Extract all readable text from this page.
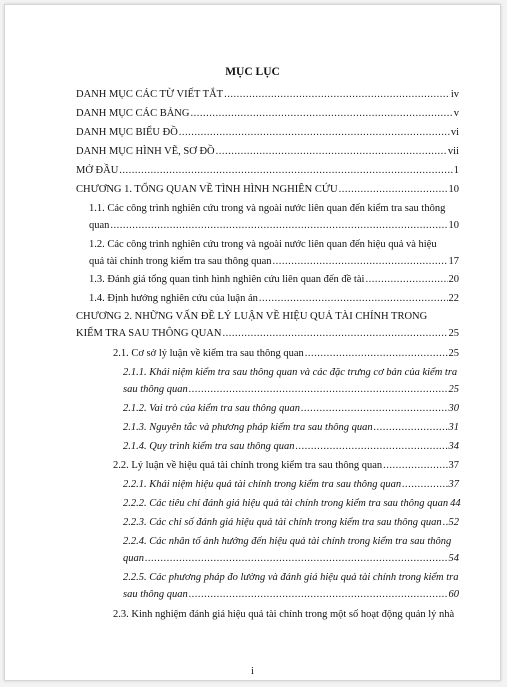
MỤC LỤC
DANH MỤC CÁC TỪ VIẾT TẮT .....	iv
DANH MỤC CÁC BẢNG .....	v
DANH MỤC BIỂU ĐỒ .....	vi
DANH MỤC HÌNH VẼ, SƠ ĐỒ .....	vii
MỞ ĐẦU .....	1
CHƯƠNG 1. TỔNG QUAN VỀ TÌNH HÌNH NGHIÊN CỨU .....	10
1.1. Các công trình nghiên cứu trong và ngoài nước liên quan đến kiểm tra sau thông
quan .....	10
1.2. Các công trình nghiên cứu trong và ngoài nước liên quan đến hiệu quả và hiệu
quả tài chính trong kiểm tra sau thông quan .....	17
1.3. Đánh giá tổng quan tình hình nghiên cứu liên quan đến đề tài .....	20
1.4. Định hướng nghiên cứu của luận án .....	22
CHƯƠNG 2. NHỮNG VẤN ĐỀ LÝ LUẬN VỀ HIỆU QUẢ TÀI CHÍNH TRONG
KIỂM TRA SAU THÔNG QUAN .....	25
2.1. Cơ sở lý luận về kiểm tra sau thông quan .....	25
2.1.1. Khái niệm kiểm tra sau thông quan và các đặc trưng cơ bản của kiểm tra
sau thông quan .....	25
2.1.2. Vai trò của kiểm tra sau thông quan .....	30
2.1.3. Nguyên tắc và phương pháp kiểm tra sau thông quan .....	31
2.1.4. Quy trình kiểm tra sau thông quan .....	34
2.2. Lý luận về hiệu quả tài chính trong kiểm tra sau thông quan .....	37
2.2.1. Khái niệm hiệu quả tài chính trong kiểm tra sau thông quan .....	37
2.2.2. Các tiêu chí đánh giá hiệu quả tài chính trong kiểm tra sau thông quan 44
2.2.3. Các chỉ số đánh giá hiệu quả tài chính trong kiểm tra sau thông quan ..... 52
2.2.4. Các nhân tố ảnh hưởng đến hiệu quả tài chính trong kiểm tra sau thông
quan .....	54
2.2.5. Các phương pháp đo lường và đánh giá hiệu quả tài chính trong kiểm tra
sau thông quan .....	60
2.3. Kinh nghiệm đánh giá hiệu quả tài chính trong một số hoạt động quản lý nhà
i
